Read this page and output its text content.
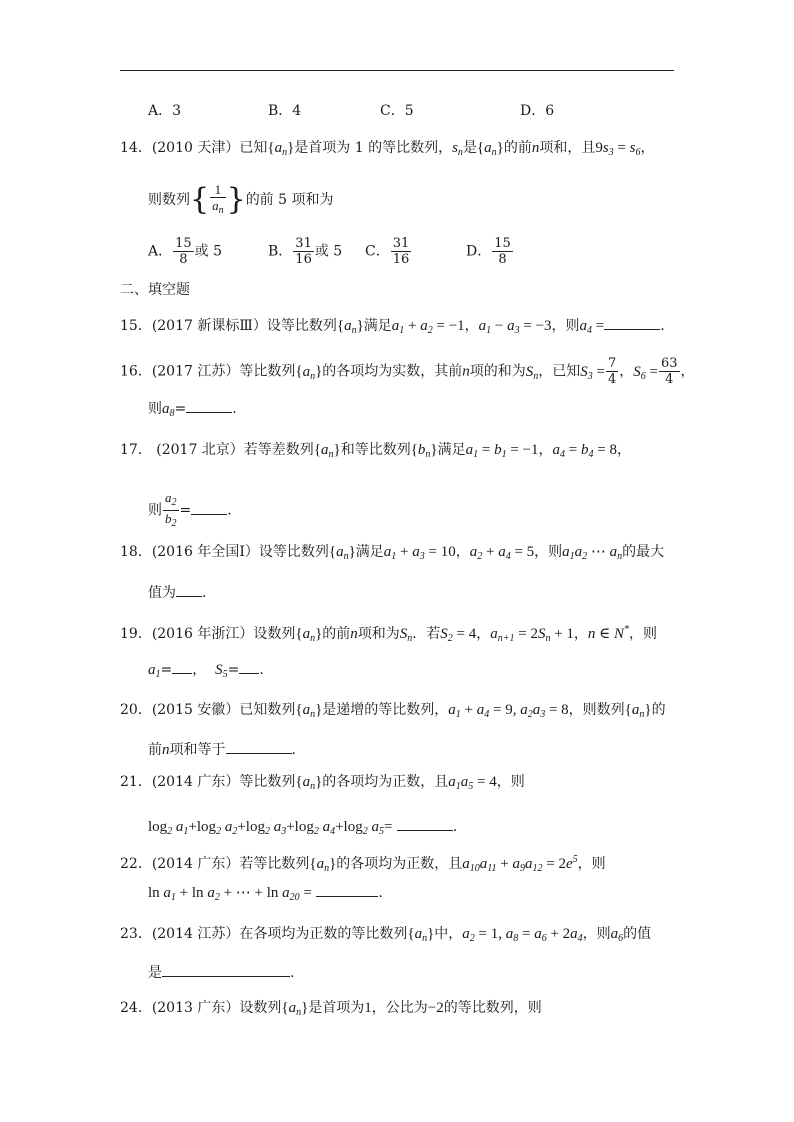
A．3	B．4	C．5	D．6
14．(2010 天津）已知$\{a_n\}$是首项为 1 的等比数列，$s_n$是$\{a_n\}$的前n项和，且$9s_3 = s_6$，
则数列{ $\frac{1}{a_n}$ }的前 5 项和为
A． $\frac{15}{8}$ 或 5	B． $\frac{31}{16}$ 或 5 C． $\frac{31}{16}$	D． $\frac{15}{8}$
二、填空题
15．(2017 新课标Ⅲ）设等比数列$\{a_n\}$满足$a_1 + a_2 = -1$，$a_1 - a_3 = -3$，则$a_4$ =	.
16．(2017 江苏）等比数列$\{a_n\}$的各项均为实数，其前n项的和为$S_n$，已知$S_3 = \frac{7}{4}$ ，$S_6 = \frac{63}{4}$ ，
则$a_8=$	.
17． (2017 北京）若等差数列$\{a_n\}$和等比数列$\{b_n\}$满足$a_1 = b_1 = -1$，$a_4 = b_4 = 8$，
则 $\frac{a_2}{b_2}$ =	.
18．(2016 年全国Ⅰ）设等比数列$\{a_n\}$满足$a_1 + a_3 = 10$，$a_2 + a_4 = 5$，则$a_1a_2$ ⋯ $a_n$的最大
值为 .
19．(2016 年浙江）设数列$\{a_n\}$的前n项和为$S_n$．若$S_2 = 4$，$a_{n+1} = 2S_n + 1$，n ∈ N*，则
$a_1=$ ， $S_5=$ .
20．(2015 安徽）已知数列$\{a_n\}$是递增的等比数列，$a_1 + a_4 = 9$, $a_2a_3 = 8$，则数列$\{a_n\}$的
前n项和等于	.
21．(2014 广东）等比数列$\{a_n\}$的各项均为正数，且$a_1a_5 = 4$，则
$\log_2 a_1+\log_2$ $a_2+\log_2$ $a_3+\log_2$ $a_4+\log_2$ $a_5=$	.
22．(2014 广东）若等比数列$\{a_n\}$的各项均为正数，且$a_{10}a_{11} + a_9a_{12} = 2e^5$，则
$\ln a_1 + \ln a_2$ + ⋯ + $\ln a_{20}$ =	.
23．(2014 江苏）在各项均为正数的等比数列$\{a_n\}$中，$a_2 = 1$, $a_8 = a_6 + 2a_4$，则$a_6$的值
是	.
24．(2013 广东）设数列$\{a_n\}$是首项为1，公比为−2的等比数列，则
